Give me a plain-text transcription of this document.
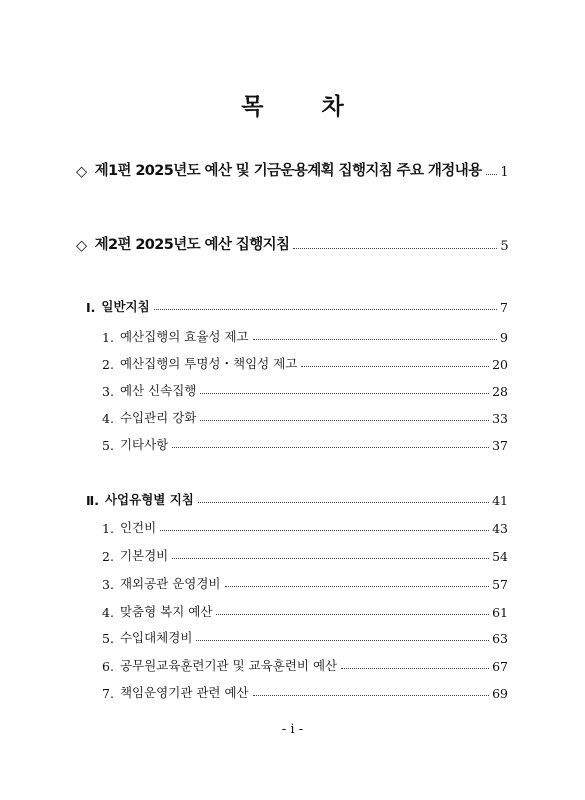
목	차
◇ 제1편 2025년도 예산 및 기금운용계획 집행지침 주요 개정내용 1
◇ 제2편 2025년도 예산 집행지침	5
Ⅰ. 일반지침	7
1. 예산집행의 효율성 제고	9
2. 예산집행의 투명성・책임성 제고	20
3. 예산 신속집행	28
4. 수입관리 강화	33
5. 기타사항	37
Ⅱ. 사업유형별 지침	41
1. 인건비	43
2. 기본경비	54
3. 재외공관 운영경비	57
4. 맞춤형 복지 예산	61
5. 수입대체경비	63
6. 공무원교육훈련기관 및 교육훈련비 예산	67
7. 책임운영기관 관련 예산	69
- i -
